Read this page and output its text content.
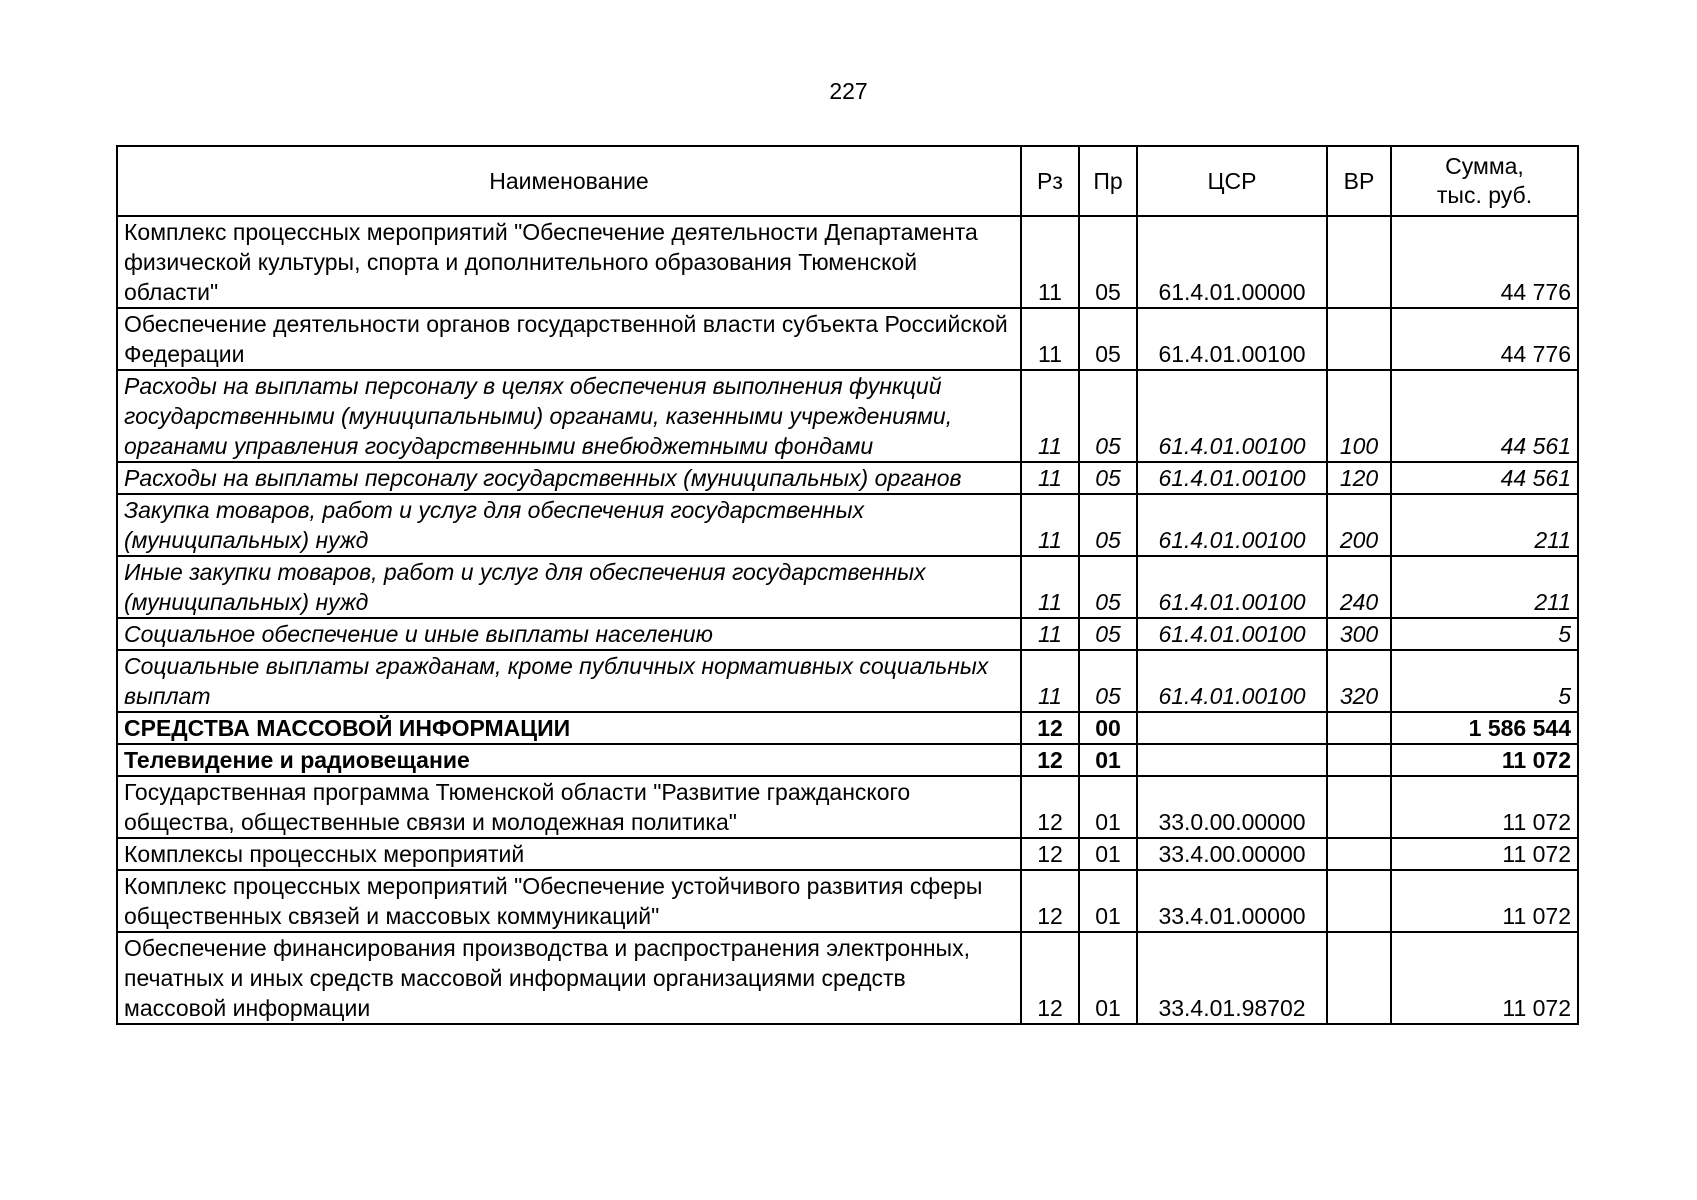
227
Наименование	Рз	Пр	ЦСР	ВР	Сумма,
тыс. руб.
Комплекс процессных мероприятий "Обеспечение деятельности Департамента физической культуры, спорта и дополнительного образования Тюменской области"	11	05	61.4.01.00000		44 776
Обеспечение деятельности органов государственной власти субъекта Российской Федерации	11	05	61.4.01.00100		44 776
Расходы на выплаты персоналу в целях обеспечения выполнения функций государственными (муниципальными) органами, казенными учреждениями, органами управления государственными внебюджетными фондами	11	05	61.4.01.00100	100	44 561
Расходы на выплаты персоналу государственных (муниципальных) органов	11	05	61.4.01.00100	120	44 561
Закупка товаров, работ и услуг для обеспечения государственных (муниципальных) нужд	11	05	61.4.01.00100	200	211
Иные закупки товаров, работ и услуг для обеспечения государственных (муниципальных) нужд	11	05	61.4.01.00100	240	211
Социальное обеспечение и иные выплаты населению	11	05	61.4.01.00100	300	5
Социальные выплаты гражданам, кроме публичных нормативных социальных выплат	11	05	61.4.01.00100	320	5
СРЕДСТВА МАССОВОЙ ИНФОРМАЦИИ	12	00			1 586 544
Телевидение и радиовещание	12	01			11 072
Государственная программа Тюменской области "Развитие гражданского общества, общественные связи и молодежная политика"	12	01	33.0.00.00000		11 072
Комплексы процессных мероприятий	12	01	33.4.00.00000		11 072
Комплекс процессных мероприятий "Обеспечение устойчивого развития сферы общественных связей и массовых коммуникаций"	12	01	33.4.01.00000		11 072
Обеспечение финансирования производства и распространения электронных, печатных и иных средств массовой информации организациями средств массовой информации	12	01	33.4.01.98702		11 072
